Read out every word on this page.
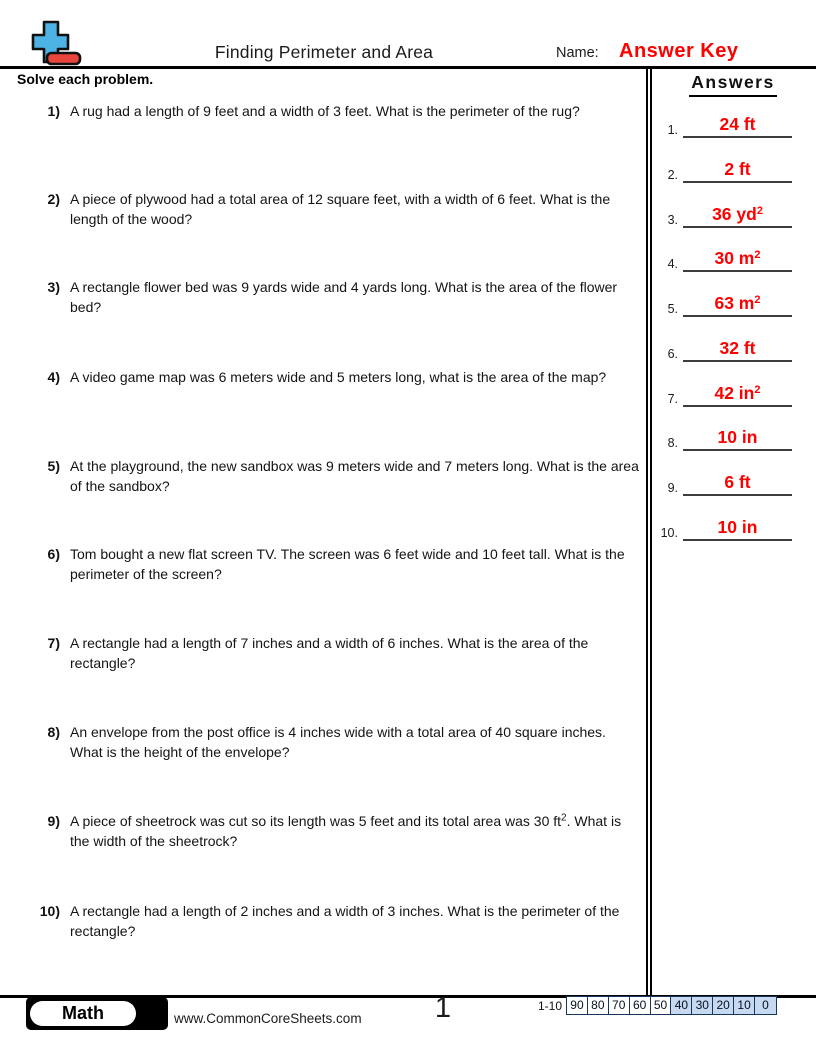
Finding Perimeter and Area	Name: Answer Key
Solve each problem.
1) A rug had a length of 9 feet and a width of 3 feet. What is the perimeter of the rug?
2) A piece of plywood had a total area of 12 square feet, with a width of 6 feet. What is the length of the wood?
3) A rectangle flower bed was 9 yards wide and 4 yards long. What is the area of the flower bed?
4) A video game map was 6 meters wide and 5 meters long, what is the area of the map?
5) At the playground, the new sandbox was 9 meters wide and 7 meters long. What is the area of the sandbox?
6) Tom bought a new flat screen TV. The screen was 6 feet wide and 10 feet tall. What is the perimeter of the screen?
7) A rectangle had a length of 7 inches and a width of 6 inches. What is the area of the rectangle?
8) An envelope from the post office is 4 inches wide with a total area of 40 square inches. What is the height of the envelope?
9) A piece of sheetrock was cut so its length was 5 feet and its total area was 30 $ft^2$. What is the width of the sheetrock?
10) A rectangle had a length of 2 inches and a width of 3 inches. What is the perimeter of the rectangle?
Answers
1. 24 ft
2.	2 ft
3. 36 $yd^2$
4. 30 $m^2$
5. 63 $m^2$
6. 32 ft
7. 42 $in^2$
8. 10 in
9.	6 ft
10. 10 in
Math	www.CommonCoreSheets.com	1	1-10 90 80 70 60 50 40 30 20 10 0
